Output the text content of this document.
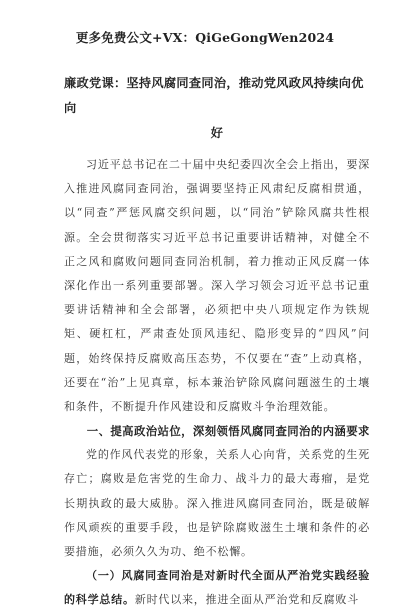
更多免费公文+VX：QiGeGongWen2024
廉政党课：坚持风腐同查同治，推动党风政风持续向优向
好

习近平总书记在二十届中央纪委四次全会上指出，要深入推进风腐同查同治，强调要坚持正风肃纪反腐相贯通，以“同查”严惩风腐交织问题，以“同治”铲除风腐共性根源。全会贯彻落实习近平总书记重要讲话精神，对健全不正之风和腐败问题同查同治机制，着力推动正风反腐一体深化作出一系列重要部署。深入学习领会习近平总书记重要讲话精神和全会部署，必须把中央八项规定作为铁规矩、硬杠杠，严肃查处顶风违纪、隐形变异的“四风”问题，始终保持反腐败高压态势，不仅要在“查”上动真格，还要在“治”上见真章，标本兼治铲除风腐问题滋生的土壤和条件，不断提升作风建设和反腐败斗争治理效能。

一、提高政治站位，深刻领悟风腐同查同治的内涵要求

党的作风代表党的形象，关系人心向背，关系党的生死存亡；腐败是危害党的生命力、战斗力的最大毒瘤，是党长期执政的最大威胁。深入推进风腐同查同治，既是破解作风顽疾的重要手段，也是铲除腐败滋生土壤和条件的必要措施，必须久久为功、绝不松懈。

（一）风腐同查同治是对新时代全面从严治党实践经验的科学总结。新时代以来，推进全面从严治党和反腐败斗
